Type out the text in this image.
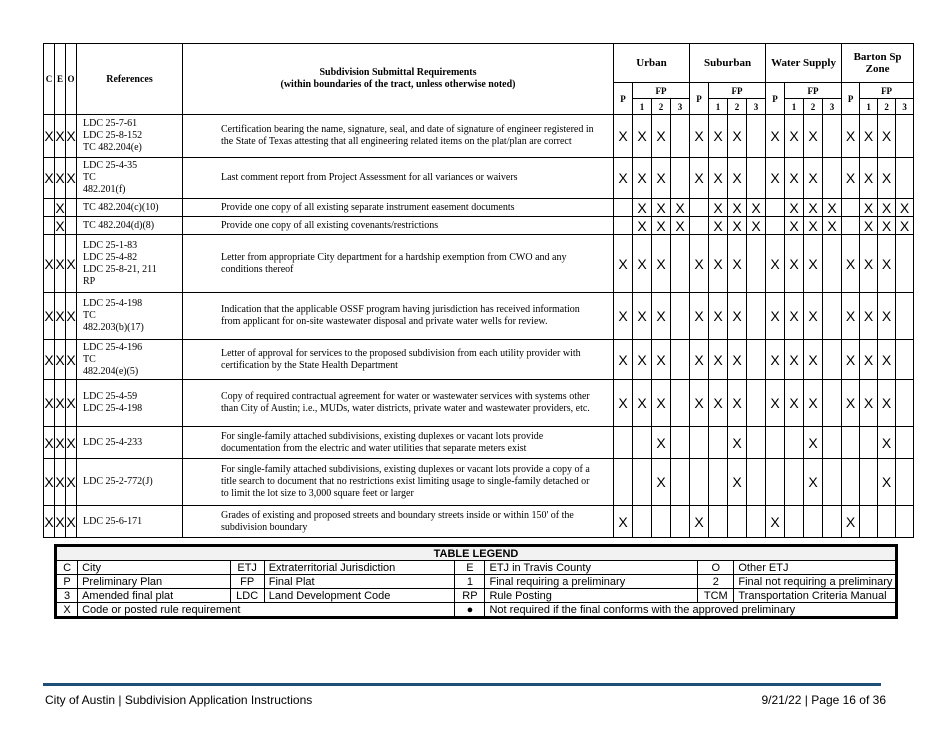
C	E	O	References	Subdivision Submittal Requirements
(within boundaries of the tract, unless otherwise noted)	Urban				Suburban				Water Supply				Barton Sp Zone			
					P	FP			P	FP			P	FP			P	FP		
						1	2	3		1	2	3		1	2	3		1	2	3
X	X	X	LDC 25-7-61
LDC 25-8-152
TC 482.204(e)	Certification bearing the name, signature, seal, and date of signature of engineer registered in the State of Texas attesting that all engineering related items on the plat/plan are correct	X	X	X		X	X	X		X	X	X		X	X	X	
X	X	X	LDC 25-4-35
TC
482.201(f)	Last comment report from Project Assessment for all variances or waivers	X	X	X		X	X	X		X	X	X		X	X	X	
	X		TC 482.204(c)(10)	Provide one copy of all existing separate instrument easement documents		X	X	X		X	X	X		X	X	X		X	X	X
	X		TC 482.204(d)(8)	Provide one copy of all existing covenants/restrictions		X	X	X		X	X	X		X	X	X		X	X	X
X	X	X	LDC 25-1-83
LDC 25-4-82
LDC 25-8-21, 211
RP	Letter from appropriate City department for a hardship exemption from CWO and any conditions thereof	X	X	X		X	X	X		X	X	X		X	X	X	
X	X	X	LDC 25-4-198
TC
482.203(b)(17)	Indication that the applicable OSSF program having jurisdiction has received information from applicant for on-site wastewater disposal and private water wells for review.	X	X	X		X	X	X		X	X	X		X	X	X	
X	X	X	LDC 25-4-196
TC
482.204(e)(5)	Letter of approval for services to the proposed subdivision from each utility provider with certification by the State Health Department	X	X	X		X	X	X		X	X	X		X	X	X	
X	X	X	LDC 25-4-59
LDC 25-4-198	Copy of required contractual agreement for water or wastewater services with systems other than City of Austin; i.e., MUDs, water districts, private water and wastewater providers, etc.	X	X	X		X	X	X		X	X	X		X	X	X	
X	X	X	LDC 25-4-233	For single-family attached subdivisions, existing duplexes or vacant lots provide documentation from the electric and water utilities that separate meters exist			X				X				X				X	
X	X	X	LDC 25-2-772(J)	For single-family attached subdivisions, existing duplexes or vacant lots provide a copy of a title search to document that no restrictions exist limiting usage to single-family detached or to limit the lot size to 3,000 square feet or larger			X				X				X				X	
X	X	X	LDC 25-6-171	Grades of existing and proposed streets and boundary streets inside or within 150' of the subdivision boundary	X				X				X				X			
TABLE LEGEND							
C	City	ETJ	Extraterritorial Jurisdiction	E	ETJ in Travis County	O	Other ETJ
P	Preliminary Plan	FP	Final Plat	1	Final requiring a preliminary	2	Final not requiring a preliminary
3	Amended final plat	LDC	Land Development Code	RP	Rule Posting	TCM	Transportation Criteria Manual
X	Code or posted rule requirement			●	Not required if the final conforms with the approved preliminary		
City of Austin | Subdivision Application Instructions	9/21/22 | Page 16 of 36
